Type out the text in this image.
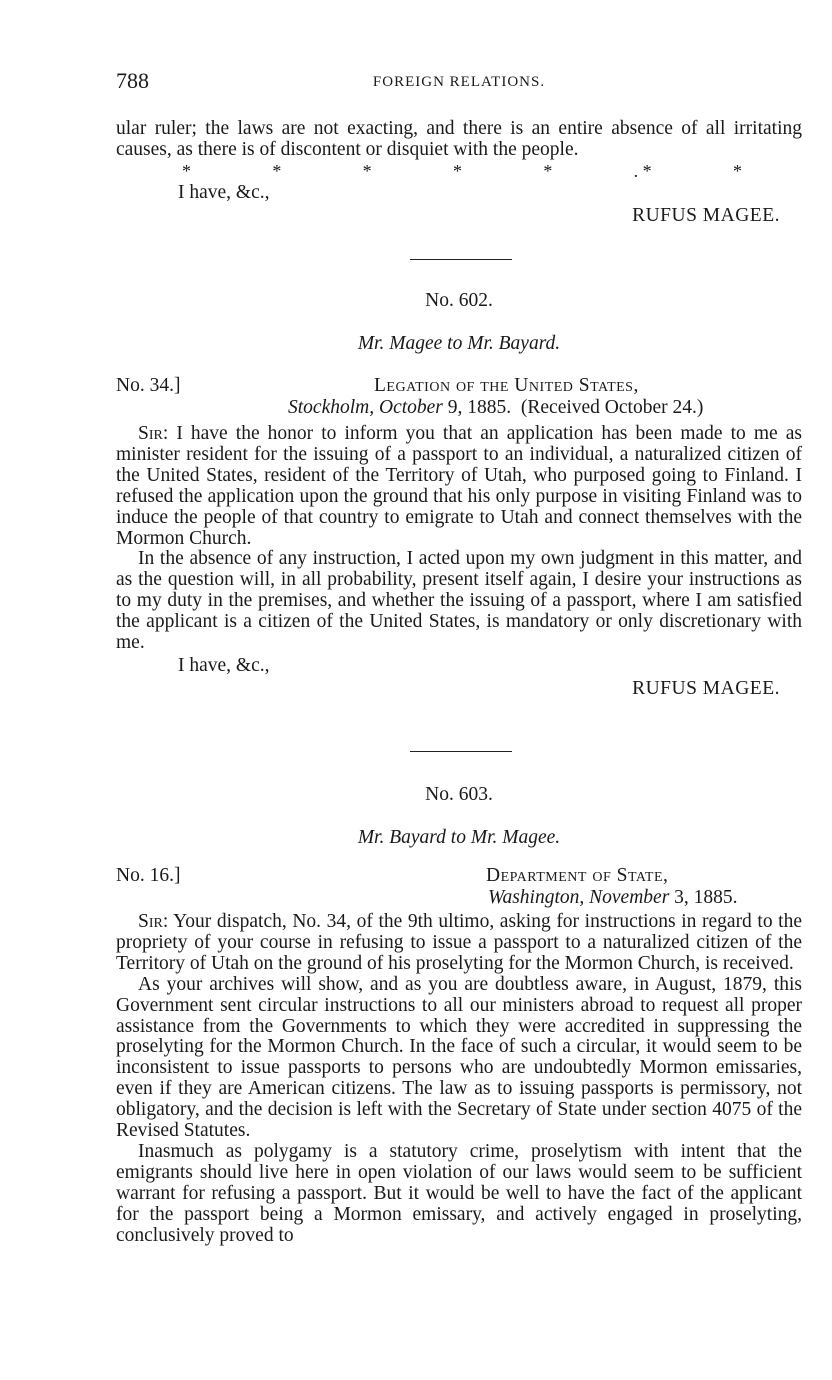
788	FOREIGN RELATIONS.

ular ruler; the laws are not exacting, and there is an entire absence of all irritating causes, as there is of discontent or disquiet with the people.

*	*	*	*	*	. *	*

I have, &c.,

RUFUS MAGEE.

No. 602.
Mr. Magee to Mr. Bayard.
No. 34.]	Legation of the United States,
Stockholm, October 9, 1885. (Received October 24.)

Sir: I have the honor to inform you that an application has been made to me as minister resident for the issuing of a passport to an individual, a naturalized citizen of the United States, resident of the Territory of Utah, who purposed going to Finland. I refused the application upon the ground that his only purpose in visiting Finland was to induce the people of that country to emigrate to Utah and connect themselves with the Mormon Church.

In the absence of any instruction, I acted upon my own judgment in this matter, and as the question will, in all probability, present itself again, I desire your instructions as to my duty in the premises, and whether the issuing of a passport, where I am satisfied the applicant is a citizen of the United States, is mandatory or only discretionary with me.

I have, &c.,

RUFUS MAGEE.

No. 603.
Mr. Bayard to Mr. Magee.
No. 16.]	Department of State,
Washington, November 3, 1885.

Sir: Your dispatch, No. 34, of the 9th ultimo, asking for instructions in regard to the propriety of your course in refusing to issue a passport to a naturalized citizen of the Territory of Utah on the ground of his proselyting for the Mormon Church, is received.

As your archives will show, and as you are doubtless aware, in August, 1879, this Government sent circular instructions to all our ministers abroad to request all proper assistance from the Governments to which they were accredited in suppressing the proselyting for the Mormon Church. In the face of such a circular, it would seem to be inconsistent to issue passports to persons who are undoubtedly Mormon emissaries, even if they are American citizens. The law as to issuing passports is permissory, not obligatory, and the decision is left with the Secretary of State under section 4075 of the Revised Statutes.

Inasmuch as polygamy is a statutory crime, proselytism with intent that the emigrants should live here in open violation of our laws would seem to be sufficient warrant for refusing a passport. But it would be well to have the fact of the applicant for the passport being a Mormon emissary, and actively engaged in proselyting, conclusively proved to
